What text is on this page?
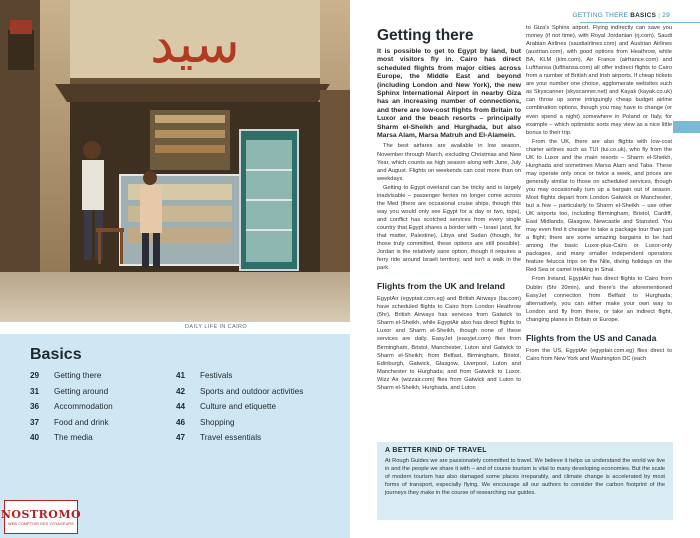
سيد
DAILY LIFE IN CAIRO
Basics
29	Getting there
31	Getting around
36	Accommodation
37	Food and drink
40	The media
41	Festivals
42	Sports and outdoor activities
44	Culture and etiquette
46	Shopping
47	Travel essentials
NOSTROMO
WEB COMPTOIR DES VOYAGEURS
GETTING THERE BASICS | 29
Getting there
It is possible to get to Egypt by land, but most visitors fly in. Cairo has direct scheduled flights from major cities across Europe, the Middle East and beyond (including London and New York), the new Sphinx International Airport in nearby Giza has an increasing number of connections, and there are low-cost flights from Britain to Luxor and the beach resorts – principally Sharm el-Sheikh and Hurghada, but also Marsa Alam, Marsa Matruh and El-Alamein.
The best airfares are available in low season, November through March, excluding Christmas and New Year, which counts as high season along with June, July and August. Flights on weekends can cost more than on weekdays.
Getting to Egypt overland can be tricky and is largely inadvisable – passenger ferries no longer come across the Med (there are occasional cruise ships, though this way you would only see Egypt for a day or two, tops), and conflict has scotched services from every single country that Egypt shares a border with – Israel (and, for that matter, Palestine), Libya and Sudan (though, for those truly committed, these options are still possible). Jordan is the relatively sane option, though it requires a ferry ride around Israeli territory, and isn't a walk in the park.
Flights from the UK and Ireland
EgyptAir (egyptair.com.eg) and British Airways (ba.com) have scheduled flights to Cairo from London Heathrow (5hr). British Airways has services from Gatwick to Sharm el-Sheikh, while EgyptAir also has direct flights to Luxor and Sharm el-Sheikh, though none of these services are daily. EasyJet (easyjet.com) flies from Birmingham, Bristol, Manchester, Luton and Gatwick to Sharm el-Sheikh; from Belfast, Birmingham, Bristol, Edinburgh, Gatwick, Glasgow, Liverpool, Luton and Manchester to Hurghada; and from Gatwick to Luxor. Wizz Air (wizzair.com) flies from Gatwick and Luton to Sharm el-Sheikh, Hurghada, and Luton
to Giza's Sphinx airport. Flying indirectly can save you money (if not time), with Royal Jordanian (rj.com), Saudi Arabian Airlines (saudiairlines.com) and Austrian Airlines (austrian.com), with good options from Heathrow, while BA, KLM (klm.com), Air France (airfrance.com) and Lufthansa (lufthansa.com) all offer indirect flights to Cairo from a number of British and Irish airports. If cheap tickets are your number one choice, agglomerate websites such as Skyscanner (skyscanner.net) and Kayak (kayak.co.uk) can throw up some intriguingly cheap budget airline combination options, though you may have to change (or even spend a night) somewhere in Poland or Italy, for example – which optimistic sorts may view as a nice little bonus to their trip.
From the UK, there are also flights with low-cost charter airlines such as TUI (tui.co.uk), who fly from the UK to Luxor and the main resorts – Sharm el-Sheikh, Hurghada and sometimes Marsa Alam and Taba. These may operate only once or twice a week, and prices are generally similar to those on scheduled services, though you may occasionally turn up a bargain out of season. Most flights depart from London Gatwick or Manchester, but a few – particularly to Sharm el-Sheikh – use other UK airports too, including Birmingham, Bristol, Cardiff, East Midlands, Glasgow, Newcastle and Stansted. You may even find it cheaper to take a package tour than just a flight; there are some amazing bargains to be had among the basic Luxor-plus-Cairo or Luxor-only packages, and many smaller independent operators feature felucca trips on the Nile, diving holidays on the Red Sea or camel trekking in Sinai.
From Ireland, EgyptAir has direct flights to Cairo from Dublin (5hr 20min), and there's the aforementioned EasyJet connection from Belfast to Hurghada; alternatively, you can either make your own way to London and fly from there, or take an indirect flight, changing planes in Britain or Europe.
Flights from the US and Canada
From the US, EgyptAir (egyptair.com.eg) flies direct to Cairo from New York and Washington DC (each
A BETTER KIND OF TRAVEL
At Rough Guides we are passionately committed to travel. We believe it helps us understand the world we live in and the people we share it with – and of course tourism is vital to many developing economies. But the scale of modern tourism has also damaged some places irreparably, and climate change is accelerated by most forms of transport, especially flying. We encourage all our authors to consider the carbon footprint of the journeys they make in the course of researching our guides.
